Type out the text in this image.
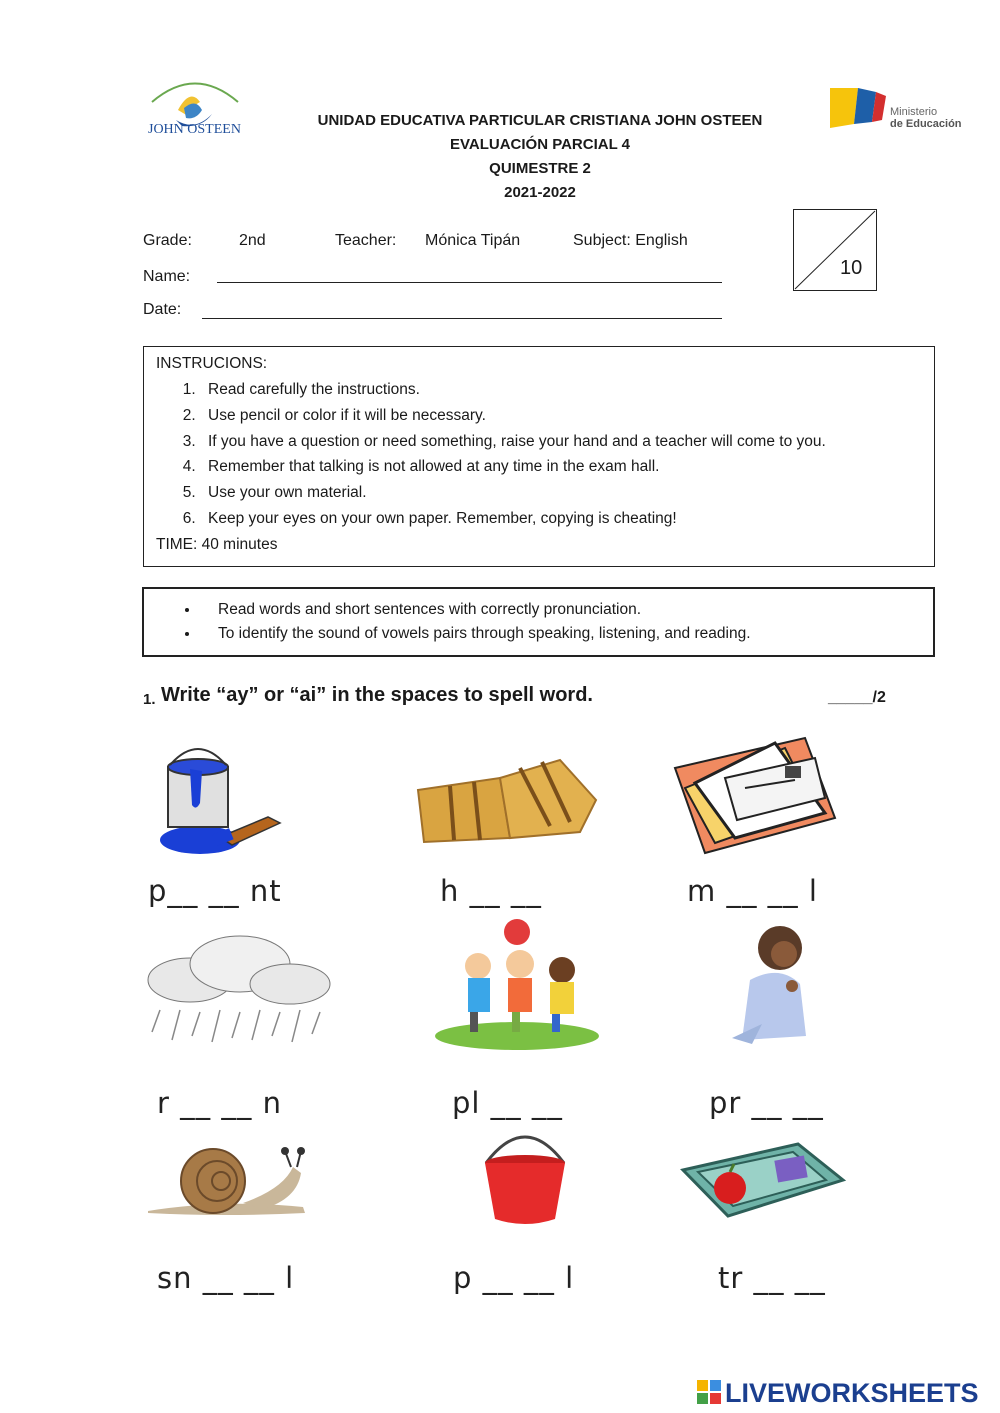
JOHN OSTEEN
Ministerio
de Educación
UNIDAD EDUCATIVA PARTICULAR CRISTIANA JOHN OSTEEN
EVALUACIÓN PARCIAL 4
QUIMESTRE 2
2021-2022
Grade:	2nd	Teacher: Mónica Tipán	Subject: English
Name:
Date:
10
INSTRUCIONS:
1. Read carefully the instructions.
2. Use pencil or color if it will be necessary.
3. If you have a question or need something, raise your hand and a teacher will come to you.
4. Remember that talking is not allowed at any time in the exam hall.
5. Use your own material.
6. Keep your eyes on your own paper. Remember, copying is cheating!
TIME: 40 minutes
• Read words and short sentences with correctly pronunciation.
• To identify the sound of vowels pairs through speaking, listening, and reading.
1. Write “ay” or “ai” in the spaces to spell word.	_____/2
p__ __ nt	h __ __	m __ __ l
r __ __ n	pl __ __	pr __ __
sn __ __ l	p __ __ l	tr __ __
LIVEWORKSHEETS
